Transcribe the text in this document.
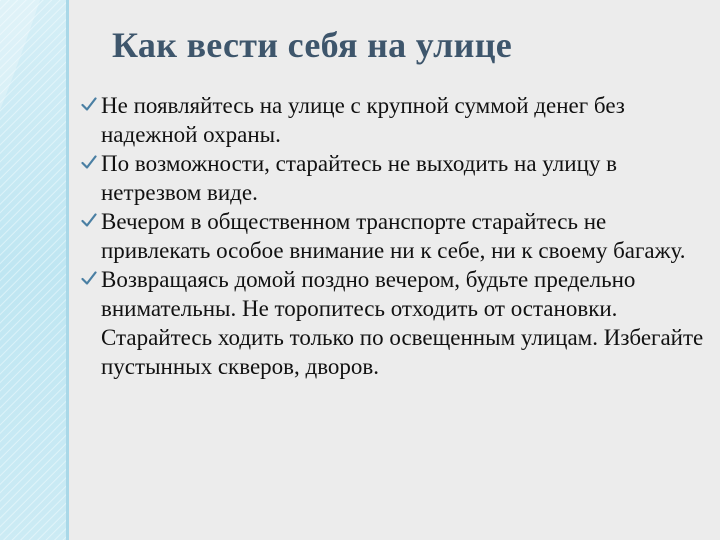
Как вести себя на улице
Не появляйтесь на улице с крупной суммой денег без надежной охраны.
По возможности, старайтесь не выходить на улицу в нетрезвом виде.
Вечером в общественном транспорте старайтесь не привлекать особое внимание ни к себе, ни к своему багажу.
Возвращаясь домой поздно вечером, будьте предельно внимательны. Не торопитесь отходить от остановки. Старайтесь ходить только по освещенным улицам. Избегайте пустынных скверов, дворов.
